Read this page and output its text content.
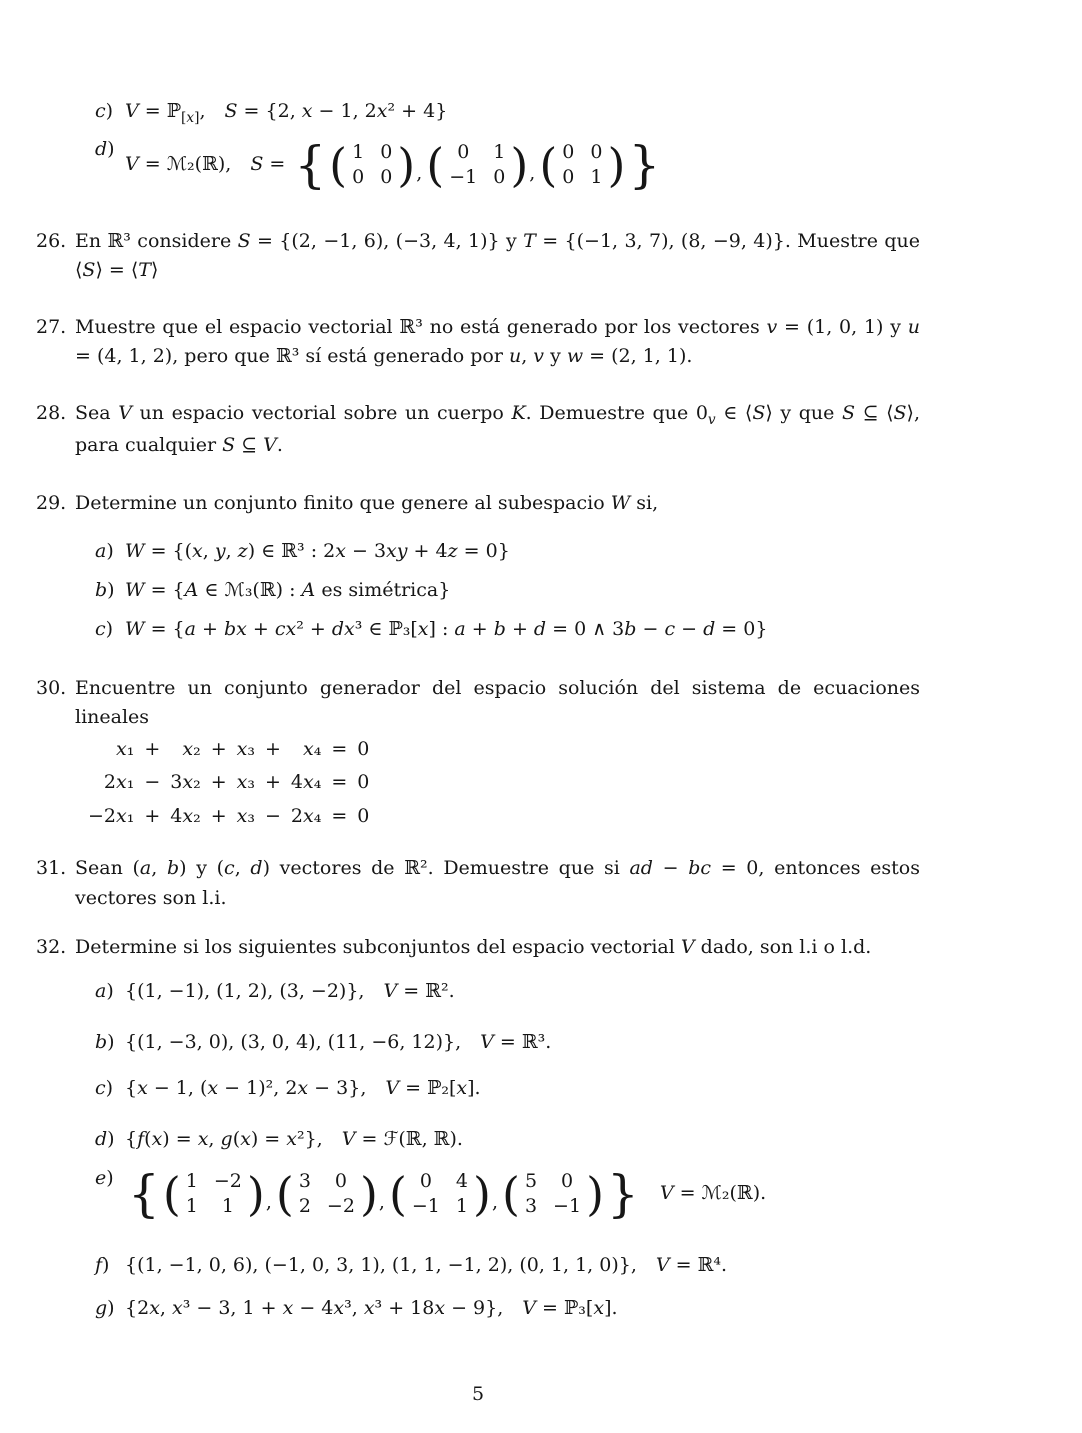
c) V = ℙ$_{[x]}$, S = {2, x − 1, 2x² + 4}
d)
V = ℳ₂(ℝ), S = { ( 1 0
0 0 ) , ( 0	1
−1 0 ) , ( 0 0
0 1 ) }
26. En ℝ³ considere S = {(2, −1, 6), (−3, 4, 1)} y T = {(−1, 3, 7), (8, −9, 4)}. Muestre que ⟨S⟩ = ⟨T⟩
27. Muestre que el espacio vectorial ℝ³ no está generado por los vectores v = (1, 0, 1) y u = (4, 1, 2), pero que ℝ³ sí está generado por u, v y w = (2, 1, 1).
28. Sea V un espacio vectorial sobre un cuerpo K. Demuestre que $0_v$ ∈ ⟨S⟩ y que S ⊆ ⟨S⟩, para cualquier S ⊆ V.
29. Determine un conjunto finito que genere al subespacio W si,
a) W = {(x, y, z) ∈ ℝ³ : 2x − 3xy + 4z = 0}
b) W = {A ∈ ℳ₃(ℝ) : A es simétrica}
c) W = {a + bx + cx² + dx³ ∈ ℙ₃[x] : a + b + d = 0 ∧ 3b − c − d = 0}
30. Encuentre un conjunto generador del espacio solución del sistema de ecuaciones lineales
x₁ +	x₂ + x₃ +	x₄ = 0
2x₁ − 3x₂ + x₃ + 4x₄ = 0
−2x₁ + 4x₂ + x₃ − 2x₄ = 0
31. Sean (a, b) y (c, d) vectores de ℝ². Demuestre que si ad − bc = 0, entonces estos vectores son l.i.
32. Determine si los siguientes subconjuntos del espacio vectorial V dado, son l.i o l.d.
a) {(1, −1), (1, 2), (3, −2)}, V = ℝ².
b) {(1, −3, 0), (3, 0, 4), (11, −6, 12)}, V = ℝ³.
c) {x − 1, (x − 1)², 2x − 3}, V = ℙ₂[x].
d) {f(x) = x, g(x) = x²}, V = ℱ(ℝ, ℝ).
e) { ( 1 −2
1	1 ) , ( 3	0
2 −2 ) , ( 0	4
−1 1 ) , ( 5	0
3 −1 ) } V = ℳ₂(ℝ).
f) {(1, −1, 0, 6), (−1, 0, 3, 1), (1, 1, −1, 2), (0, 1, 1, 0)}, V = ℝ⁴.
g) {2x, x³ − 3, 1 + x − 4x³, x³ + 18x − 9}, V = ℙ₃[x].
5
